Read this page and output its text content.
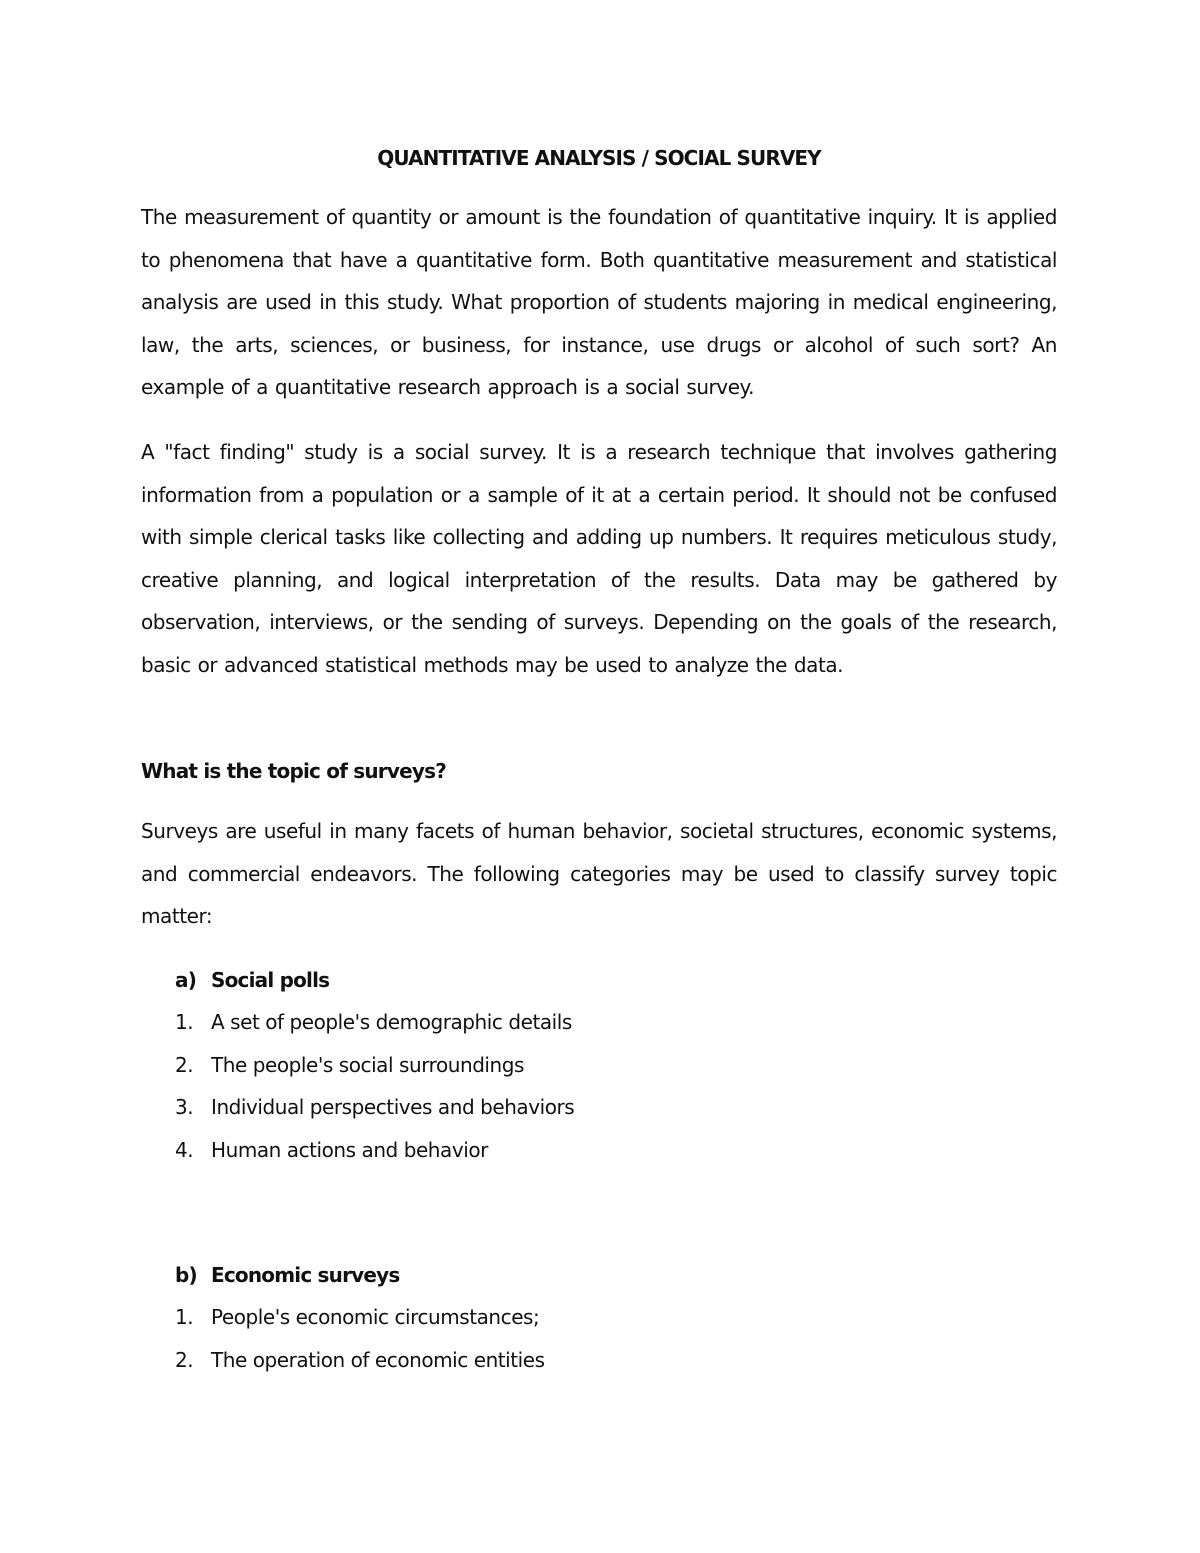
QUANTITATIVE ANALYSIS / SOCIAL SURVEY

The measurement of quantity or amount is the foundation of quantitative inquiry. It is applied to phenomena that have a quantitative form. Both quantitative measurement and statistical analysis are used in this study. What proportion of students majoring in medical engineering, law, the arts, sciences, or business, for instance, use drugs or alcohol of such sort? An example of a quantitative research approach is a social survey.

A "fact finding" study is a social survey. It is a research technique that involves gathering information from a population or a sample of it at a certain period. It should not be confused with simple clerical tasks like collecting and adding up numbers. It requires meticulous study, creative planning, and logical interpretation of the results. Data may be gathered by observation, interviews, or the sending of surveys. Depending on the goals of the research, basic or advanced statistical methods may be used to analyze the data.

What is the topic of surveys?

Surveys are useful in many facets of human behavior, societal structures, economic systems, and commercial endeavors. The following categories may be used to classify survey topic matter:

a) Social polls
1. A set of people's demographic details
2. The people's social surroundings
3. Individual perspectives and behaviors
4. Human actions and behavior
b) Economic surveys
1. People's economic circumstances;
2. The operation of economic entities
